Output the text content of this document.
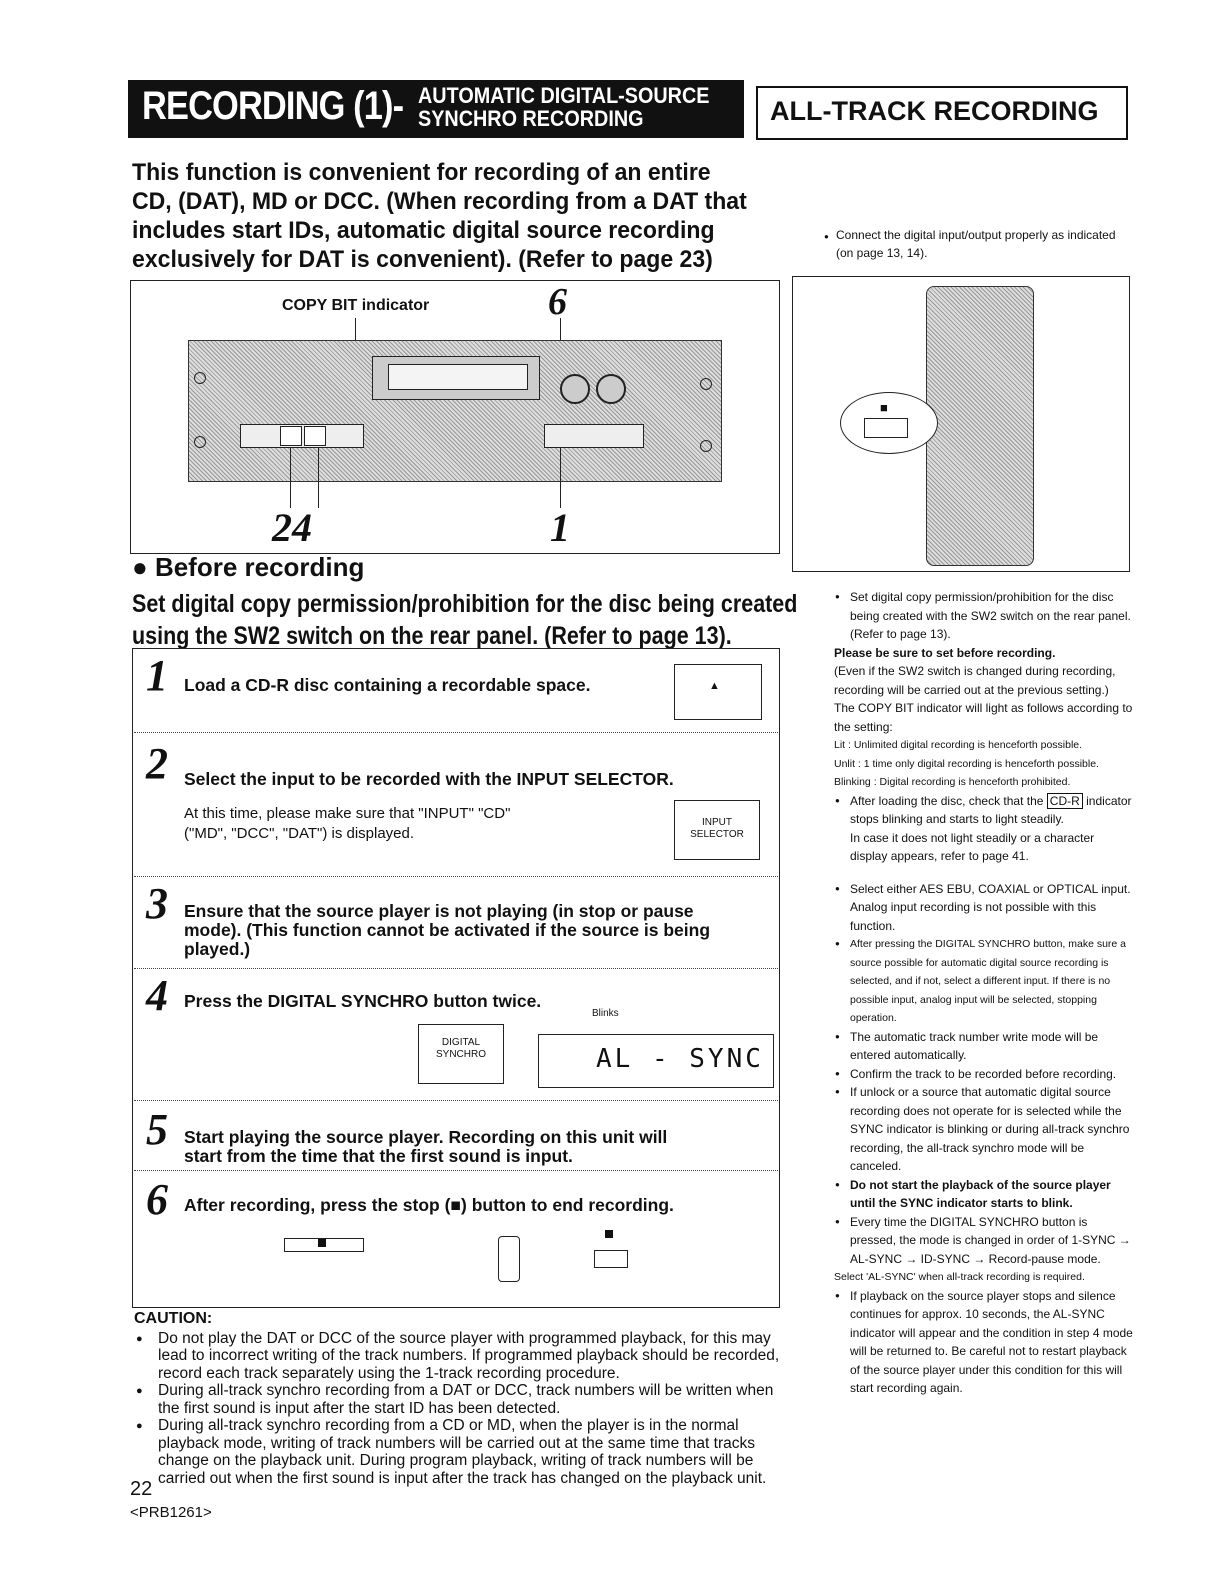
RECORDING (1)- AUTOMATIC DIGITAL-SOURCE
SYNCHRO RECORDING	ALL-TRACK RECORDING
This function is convenient for recording of an entire CD, (DAT), MD or DCC. (When recording from a DAT that includes start IDs, automatic digital source recording exclusively for DAT is convenient). (Refer to page 23)
● Connect the digital input/output properly as indicated (on page 13, 14).
COPY BIT indicator	6
24	1
■
● Before recording
Set digital copy permission/prohibition for the disc being created
using the SW2 switch on the rear panel. (Refer to page 13).
1 Load a CD-R disc containing a recordable space.	▲
2 Select the input to be recorded with the INPUT SELECTOR.
At this time, please make sure that "INPUT" "CD"
("MD", "DCC", "DAT") is displayed.
INPUT
SELECTOR
3 Ensure that the source player is not playing (in stop or pause
mode). (This function cannot be activated if the source is being
played.)
4 Press the DIGITAL SYNCHRO button twice.
Blinks
DIGITAL
SYNCHRO	AL - SYNC
5 Start playing the source player. Recording on this unit will
start from the time that the first sound is input.
6 After recording, press the stop (■) button to end recording.
CAUTION:
● Do not play the DAT or DCC of the source player with programmed playback, for this may lead to incorrect writing of the track numbers. If programmed playback should be recorded, record each track separately using the 1-track recording procedure.
● During all-track synchro recording from a DAT or DCC, track numbers will be written when the first sound is input after the start ID has been detected.
● During all-track synchro recording from a CD or MD, when the player is in the normal playback mode, writing of track numbers will be carried out at the same time that tracks change on the playback unit. During program playback, writing of track numbers will be carried out when the first sound is input after the track has changed on the playback unit.
22
<PRB1261>
● Set digital copy permission/prohibition for the disc being created with the SW2 switch on the rear panel. (Refer to page 13).
Please be sure to set before recording.
(Even if the SW2 switch is changed during recording, recording will be carried out at the previous setting.)
The COPY BIT indicator will light as follows according to the setting:
Lit : Unlimited digital recording is henceforth possible.
Unlit : 1 time only digital recording is henceforth possible.
Blinking : Digital recording is henceforth prohibited.
● After loading the disc, check that the CD-R indicator stops blinking and starts to light steadily.
In case it does not light steadily or a character display appears, refer to page 41.
● Select either AES EBU, COAXIAL or OPTICAL input. Analog input recording is not possible with this function.
● After pressing the DIGITAL SYNCHRO button, make sure a source possible for automatic digital source recording is selected, and if not, select a different input. If there is no possible input, analog input will be selected, stopping operation.
● The automatic track number write mode will be entered automatically.
● Confirm the track to be recorded before recording.
● If unlock or a source that automatic digital source recording does not operate for is selected while the SYNC indicator is blinking or during all-track synchro recording, the all-track synchro mode will be canceled.
● Do not start the playback of the source player until the SYNC indicator starts to blink.
● Every time the DIGITAL SYNCHRO button is pressed, the mode is changed in order of 1-SYNC → AL-SYNC → ID-SYNC → Record-pause mode.
Select 'AL-SYNC' when all-track recording is required.
● If playback on the source player stops and silence continues for approx. 10 seconds, the AL-SYNC indicator will appear and the condition in step 4 mode will be returned to. Be careful not to restart playback of the source player under this condition for this will start recording again.
